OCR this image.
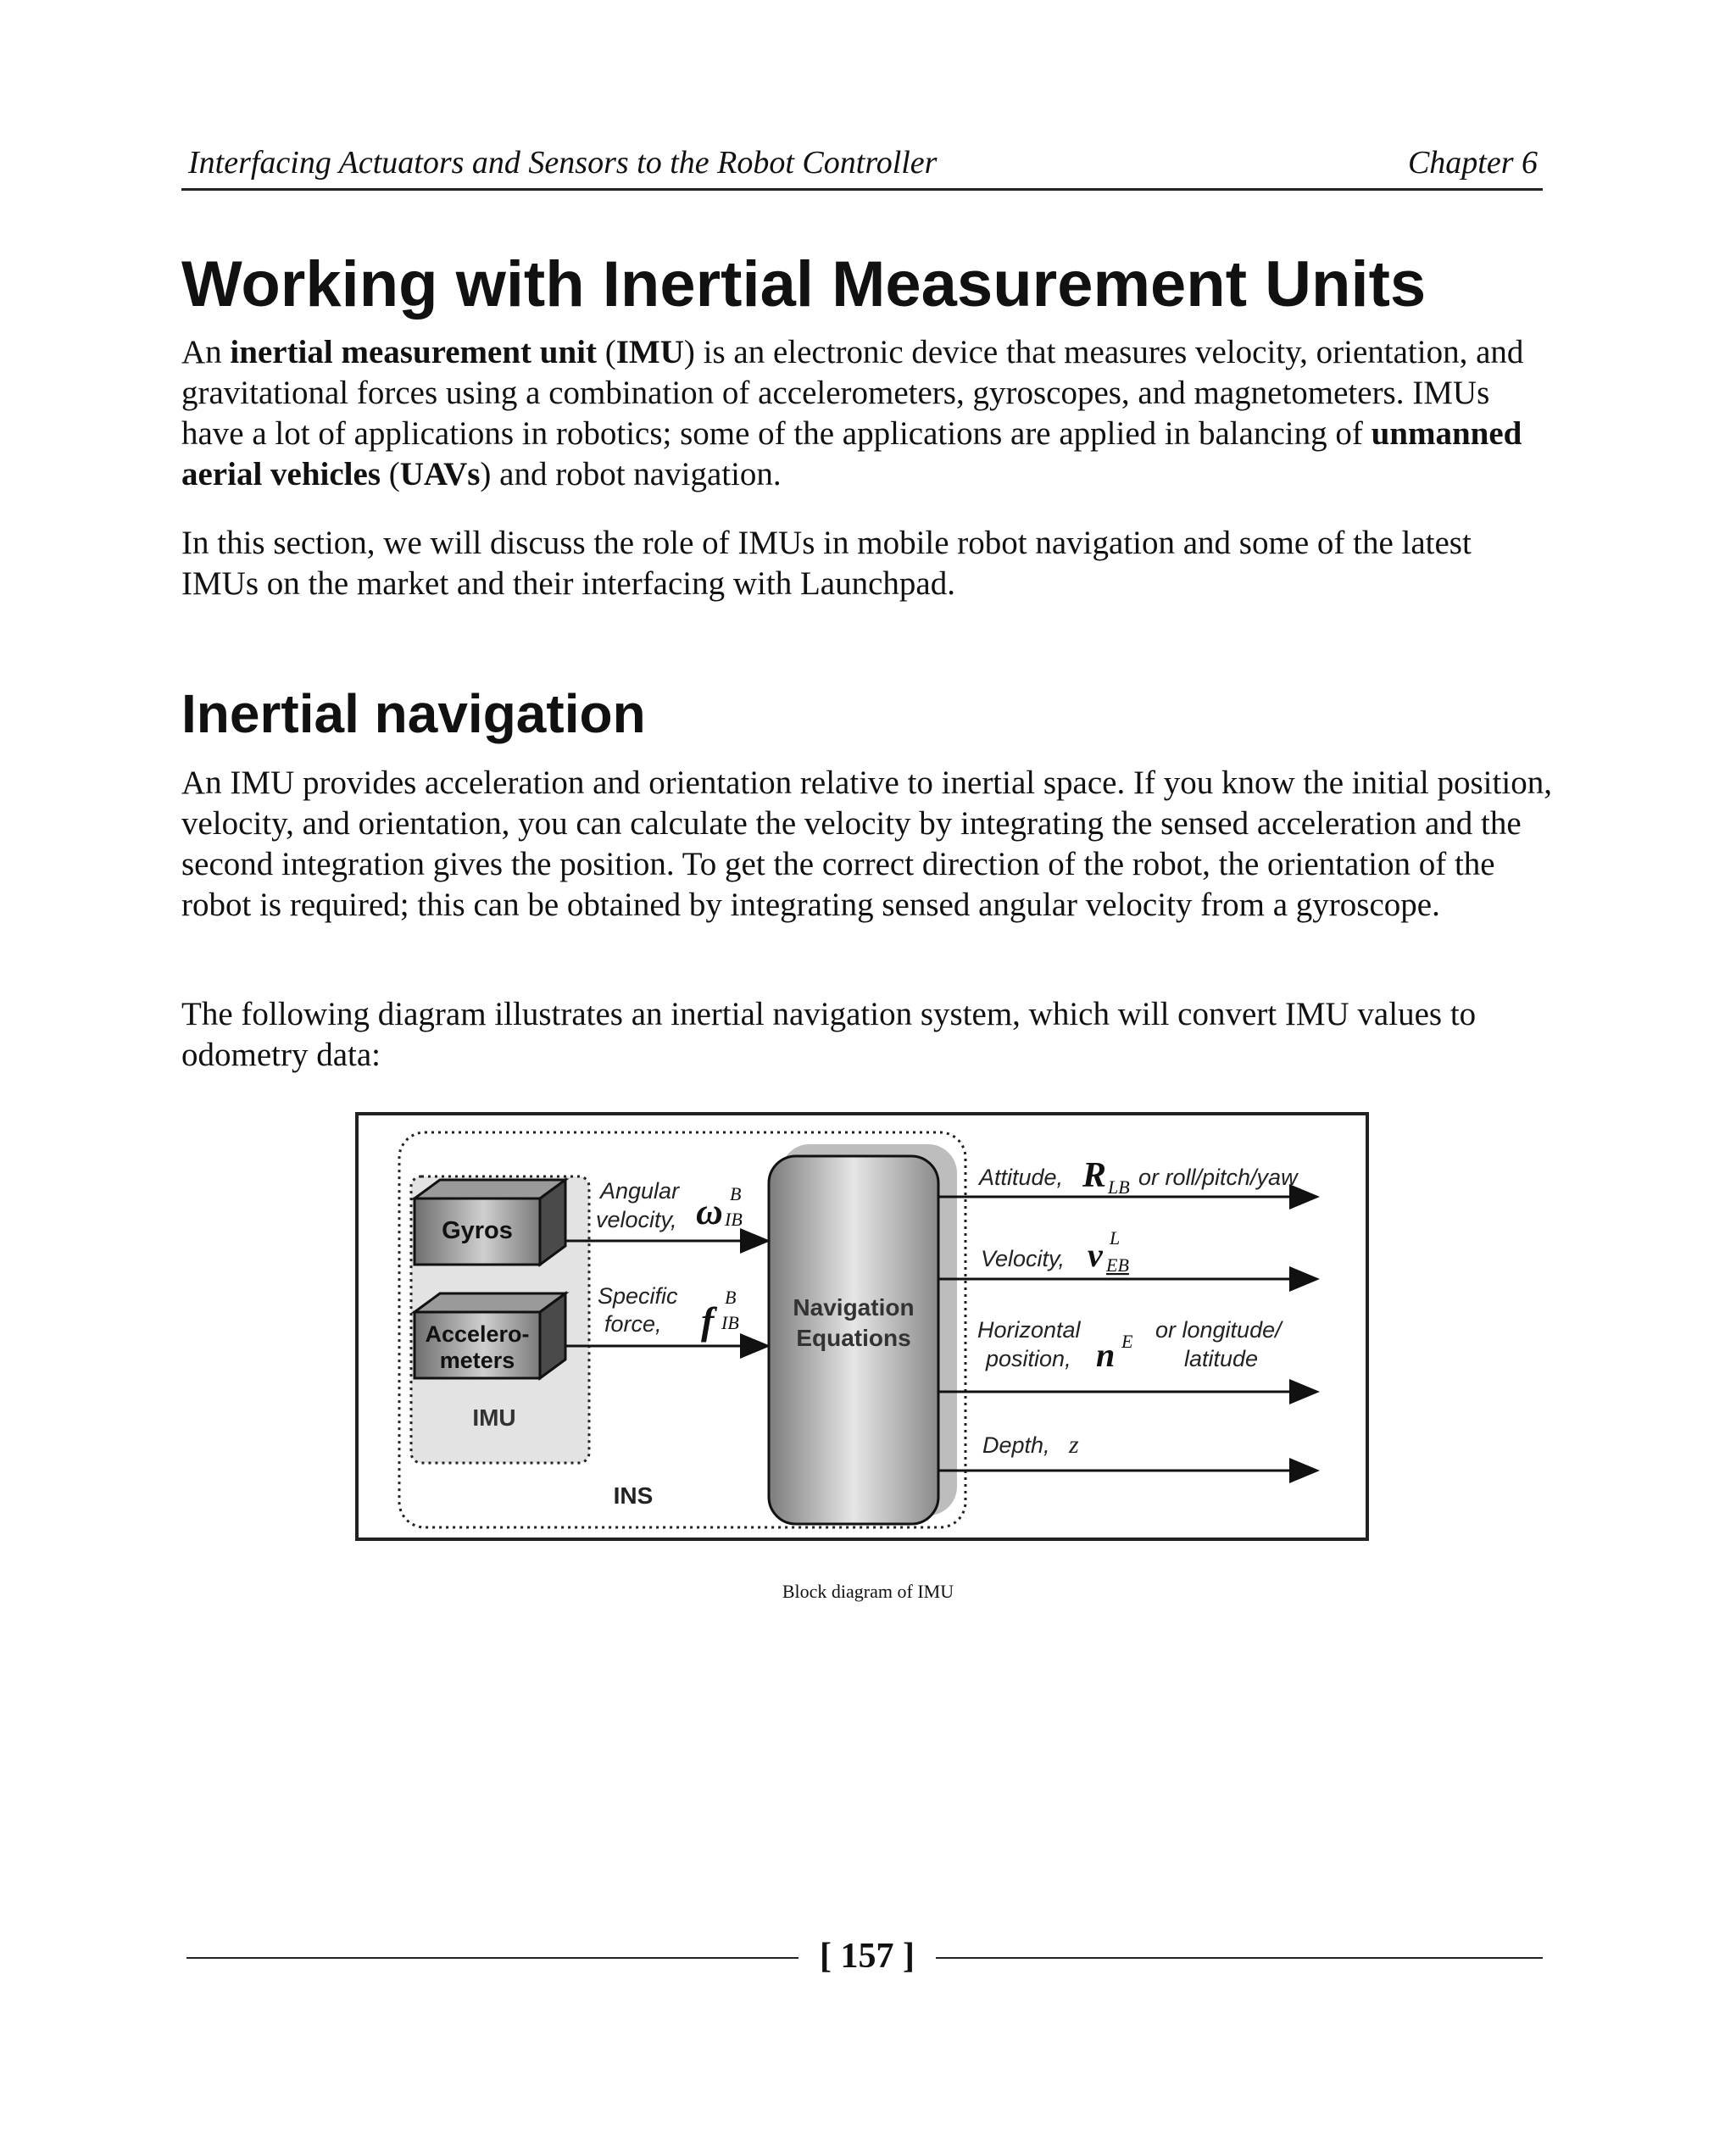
Interfacing Actuators and Sensors to the Robot Controller	Chapter 6
Working with Inertial Measurement Units

An inertial measurement unit (IMU) is an electronic device that measures velocity, orientation, and gravitational forces using a combination of accelerometers, gyroscopes, and magnetometers. IMUs have a lot of applications in robotics; some of the applications are applied in balancing of unmanned aerial vehicles (UAVs) and robot navigation.

In this section, we will discuss the role of IMUs in mobile robot navigation and some of the latest IMUs on the market and their interfacing with Launchpad.

Inertial navigation

An IMU provides acceleration and orientation relative to inertial space. If you know the initial position, velocity, and orientation, you can calculate the velocity by integrating the sensed acceleration and the second integration gives the position. To get the correct direction of the robot, the orientation of the robot is required; this can be obtained by integrating sensed angular velocity from a gyroscope.

The following diagram illustrates an inertial navigation system, which will convert IMU values to odometry data:

Gyros
Accelero-
meters
IMU
INS
Angular
velocity, ω B
IB
Specific
force, f
B
IB
Navigation
Equations
Attitude, R LB or roll/pitch/yaw
Velocity, v L
EB
Horizontal
position, n E or longitude/
latitude
Depth, z
Block diagram of IMU
[ 157 ]
